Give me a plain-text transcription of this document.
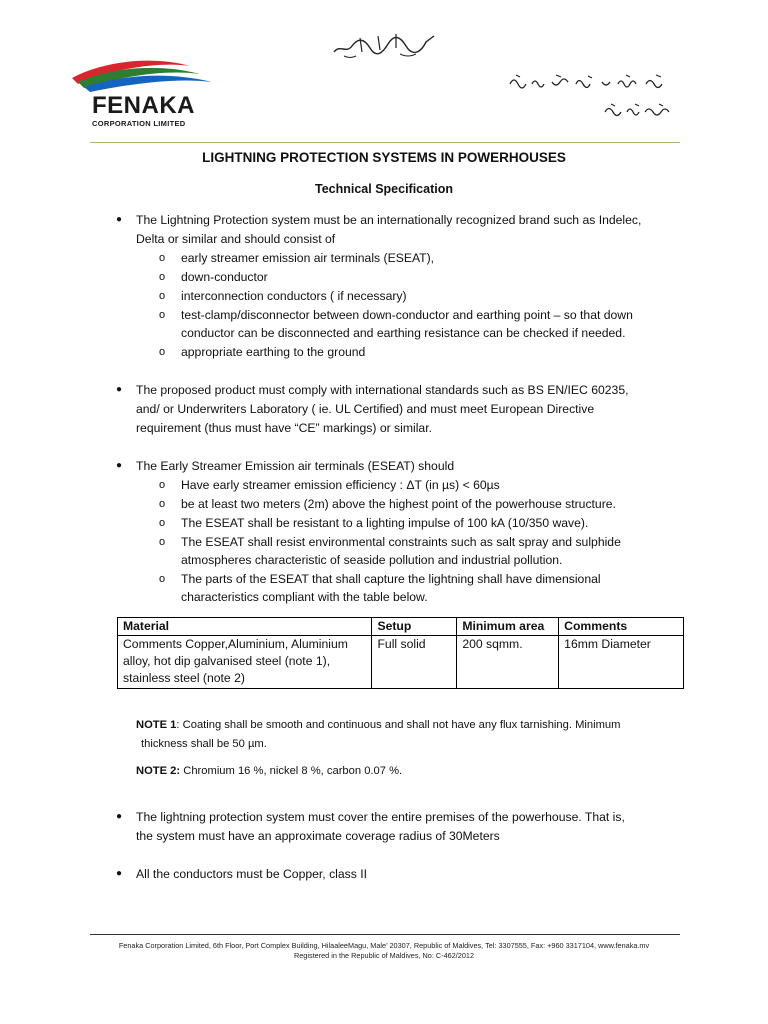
FENAKA
CORPORATION LIMITED
LIGHTNING PROTECTION SYSTEMS IN POWERHOUSES
Technical Specification
● The Lightning Protection system must be an internationally recognized brand such as Indelec,
Delta or similar and should consist of
o early streamer emission air terminals (ESEAT),
o down-conductor
o interconnection conductors ( if necessary)
o test-clamp/disconnector between down-conductor and earthing point – so that down
conductor can be disconnected and earthing resistance can be checked if needed.
o appropriate earthing to the ground
● The proposed product must comply with international standards such as BS EN/IEC 60235,
and/ or Underwriters Laboratory ( ie. UL Certified) and must meet European Directive
requirement (thus must have “CE” markings) or similar.
● The Early Streamer Emission air terminals (ESEAT) should
o Have early streamer emission efficiency : ΔT (in µs) < 60µs
o be at least two meters (2m) above the highest point of the powerhouse structure.
o The ESEAT shall be resistant to a lighting impulse of 100 kA (10/350 wave).
o The ESEAT shall resist environmental constraints such as salt spray and sulphide
atmospheres characteristic of seaside pollution and industrial pollution.
o The parts of the ESEAT that shall capture the lightning shall have dimensional
characteristics compliant with the table below.
Material	Setup	Minimum area	Comments

Comments Copper,Aluminium, Aluminium
alloy, hot dip galvanised steel (note 1),
stainless steel (note 2)	Full solid	200 sqmm.	16mm Diameter
NOTE 1: Coating shall be smooth and continuous and shall not have any flux tarnishing. Minimum
thickness shall be 50 µm.
NOTE 2: Chromium 16 %, nickel 8 %, carbon 0.07 %.
● The lightning protection system must cover the entire premises of the powerhouse. That is,
the system must have an approximate coverage radius of 30Meters
● All the conductors must be Copper, class II
Fenaka Corporation Limited, 6th Floor, Port Complex Building, HilaaleeMagu, Male’ 20307, Republic of Maldives, Tel: 3307555, Fax: +960 3317104, www.fenaka.mv
Registered in the Republic of Maldives, No: C-462/2012
